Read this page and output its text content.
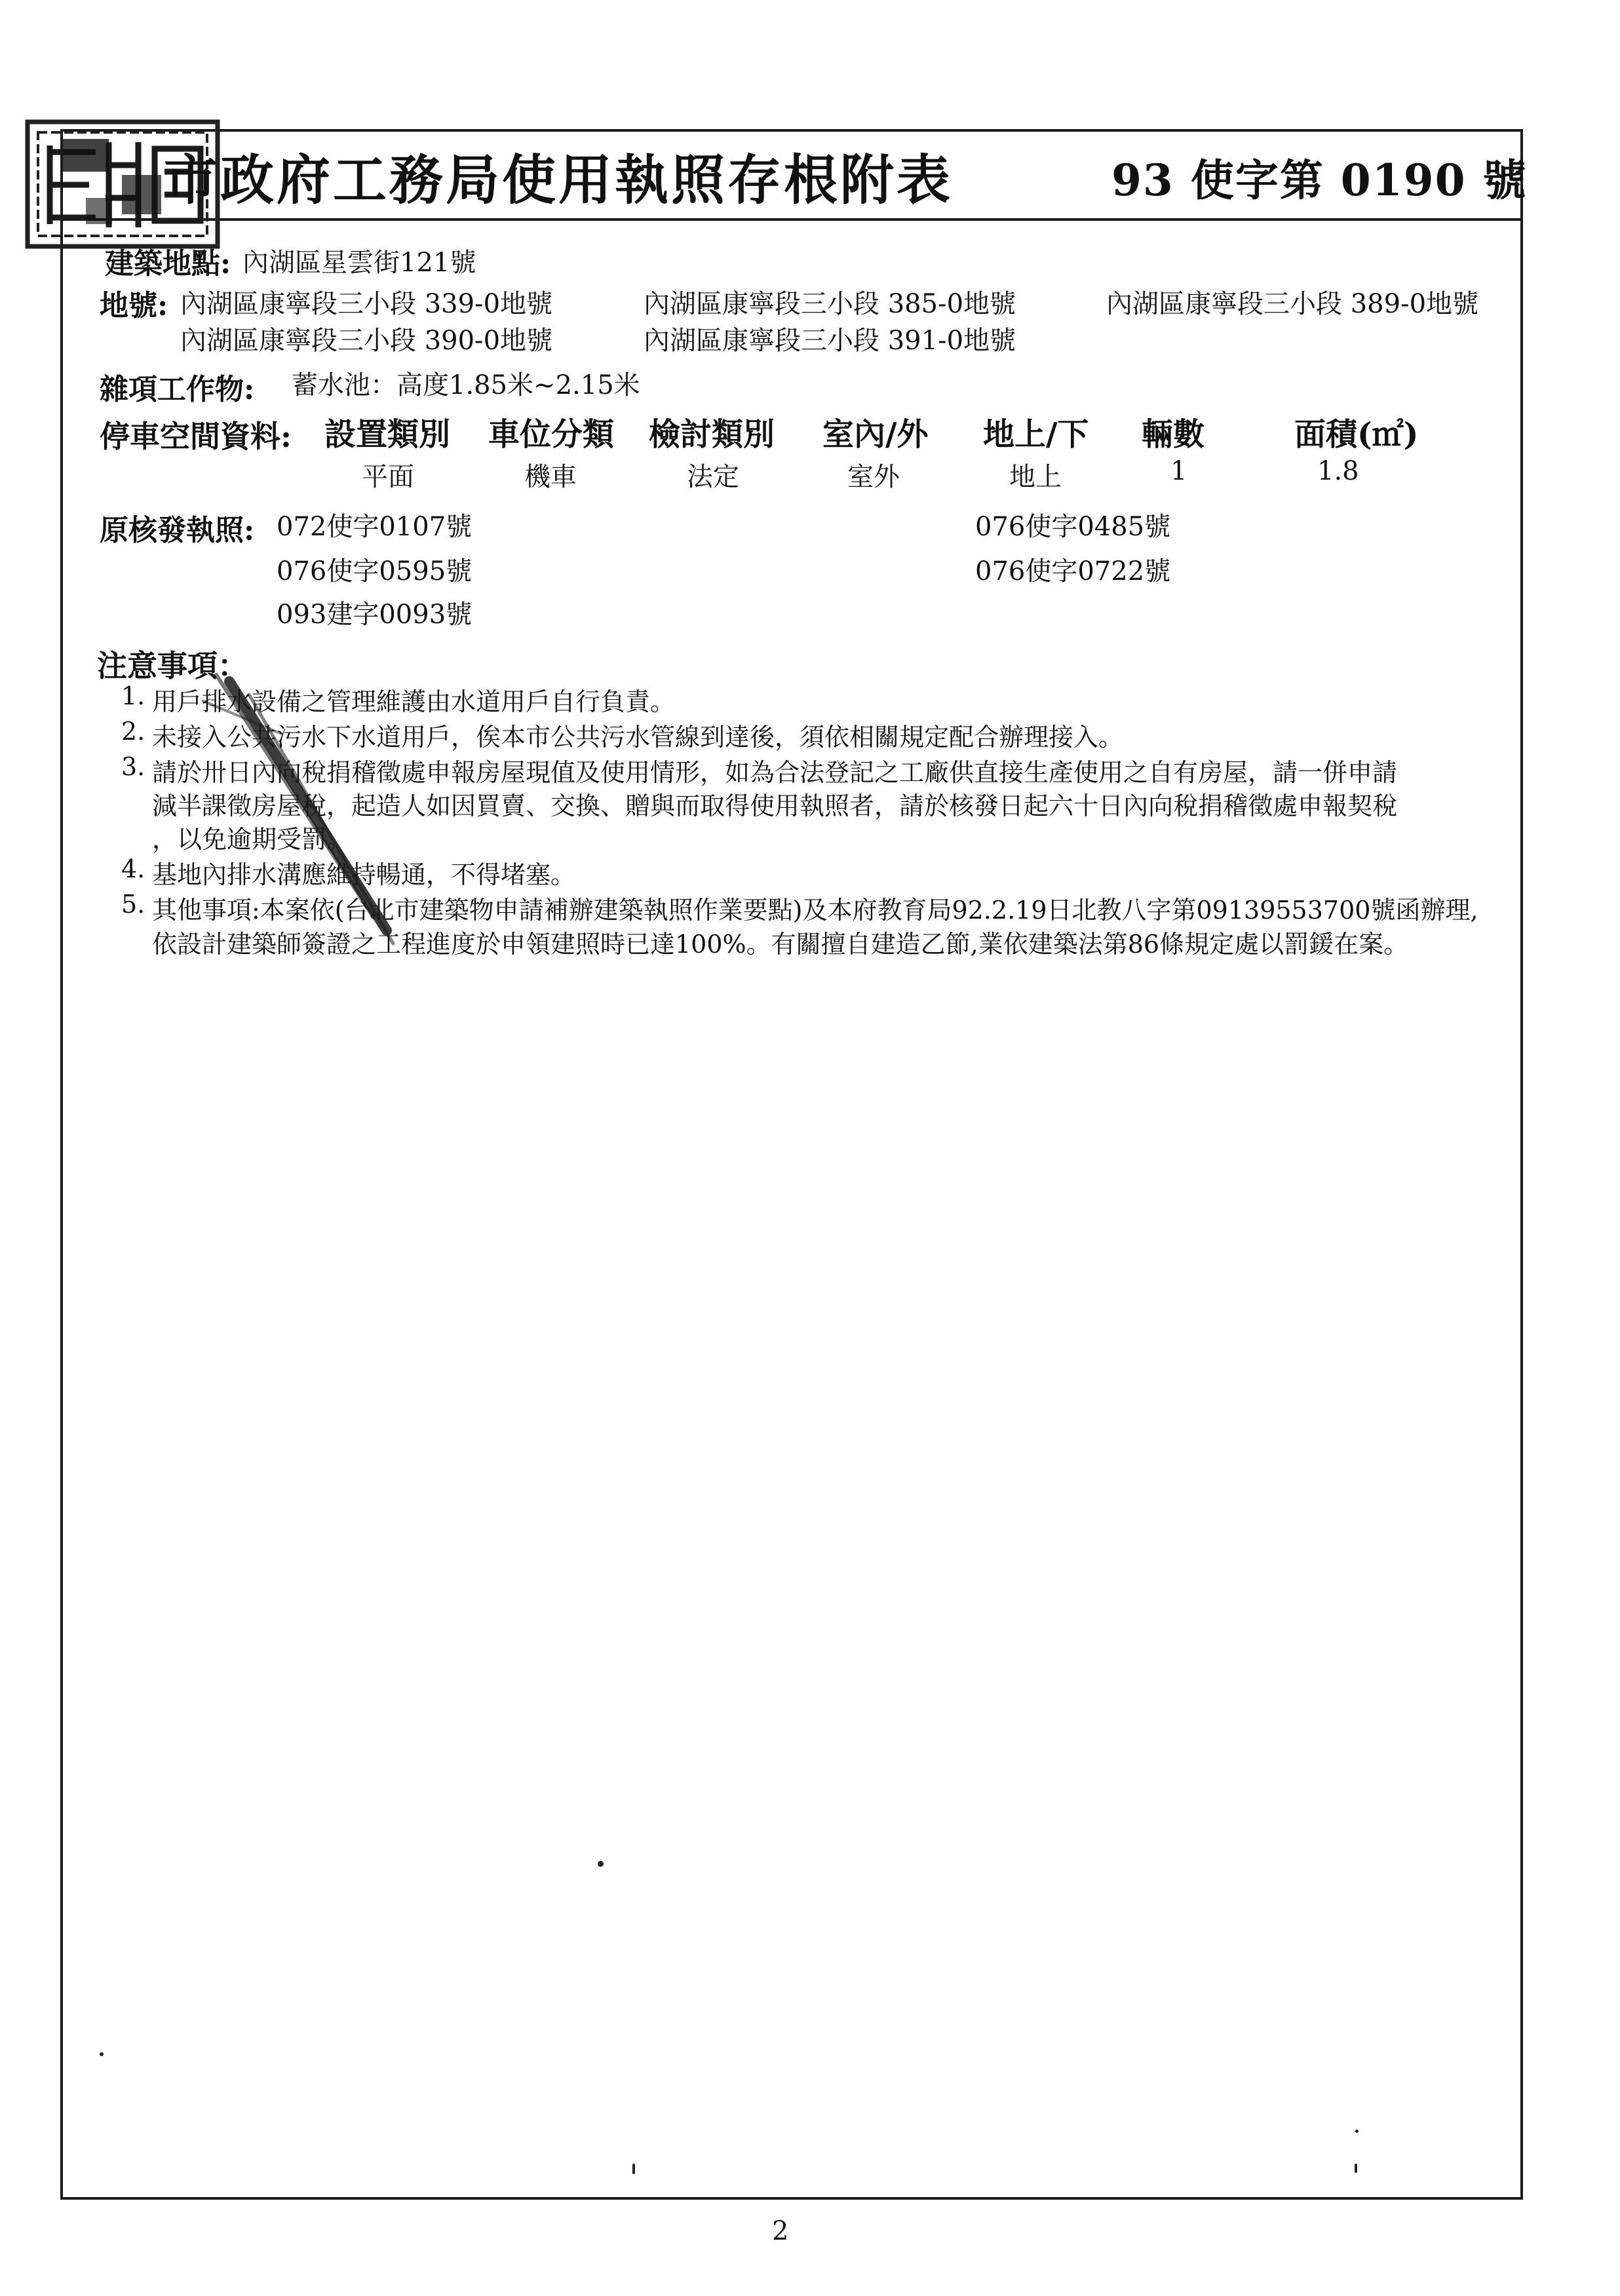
市政府工務局使用執照存根附表	93 使字第 0190 號
建築地點: 內湖區星雲街121號
地號: 內湖區康寧段三小段 339-0地號	內湖區康寧段三小段 385-0地號	內湖區康寧段三小段 389-0地號
內湖區康寧段三小段 390-0地號	內湖區康寧段三小段 391-0地號
雜項工作物: 蓄水池：高度1.85米~2.15米
停車空間資料: 設置類別 車位分類 檢討類別 室內/外 地上/下 輛數	面積(㎡)
平面	機車	法定	室外	地上	1	1.8
原核發執照: 072使字0107號	076使字0485號
076使字0595號	076使字0722號
093建字0093號
注意事項：
1. 用戶排水設備之管理維護由水道用戶自行負責。
2. 未接入公共污水下水道用戶，俟本市公共污水管線到達後，須依相關規定配合辦理接入。
3. 請於卅日內向稅捐稽徵處申報房屋現值及使用情形，如為合法登記之工廠供直接生產使用之自有房屋，請一併申請
減半課徵房屋稅，起造人如因買賣、交換、贈與而取得使用執照者，請於核發日起六十日內向稅捐稽徵處申報契稅
，以免逾期受罰。
4. 基地內排水溝應維持暢通，不得堵塞。
5. 其他事項:本案依(台北市建築物申請補辦建築執照作業要點)及本府教育局92.2.19日北教八字第09139553700號函辦理,
依設計建築師簽證之工程進度於申領建照時已達100%。有關擅自建造乙節,業依建築法第86條規定處以罰鍰在案。
2
